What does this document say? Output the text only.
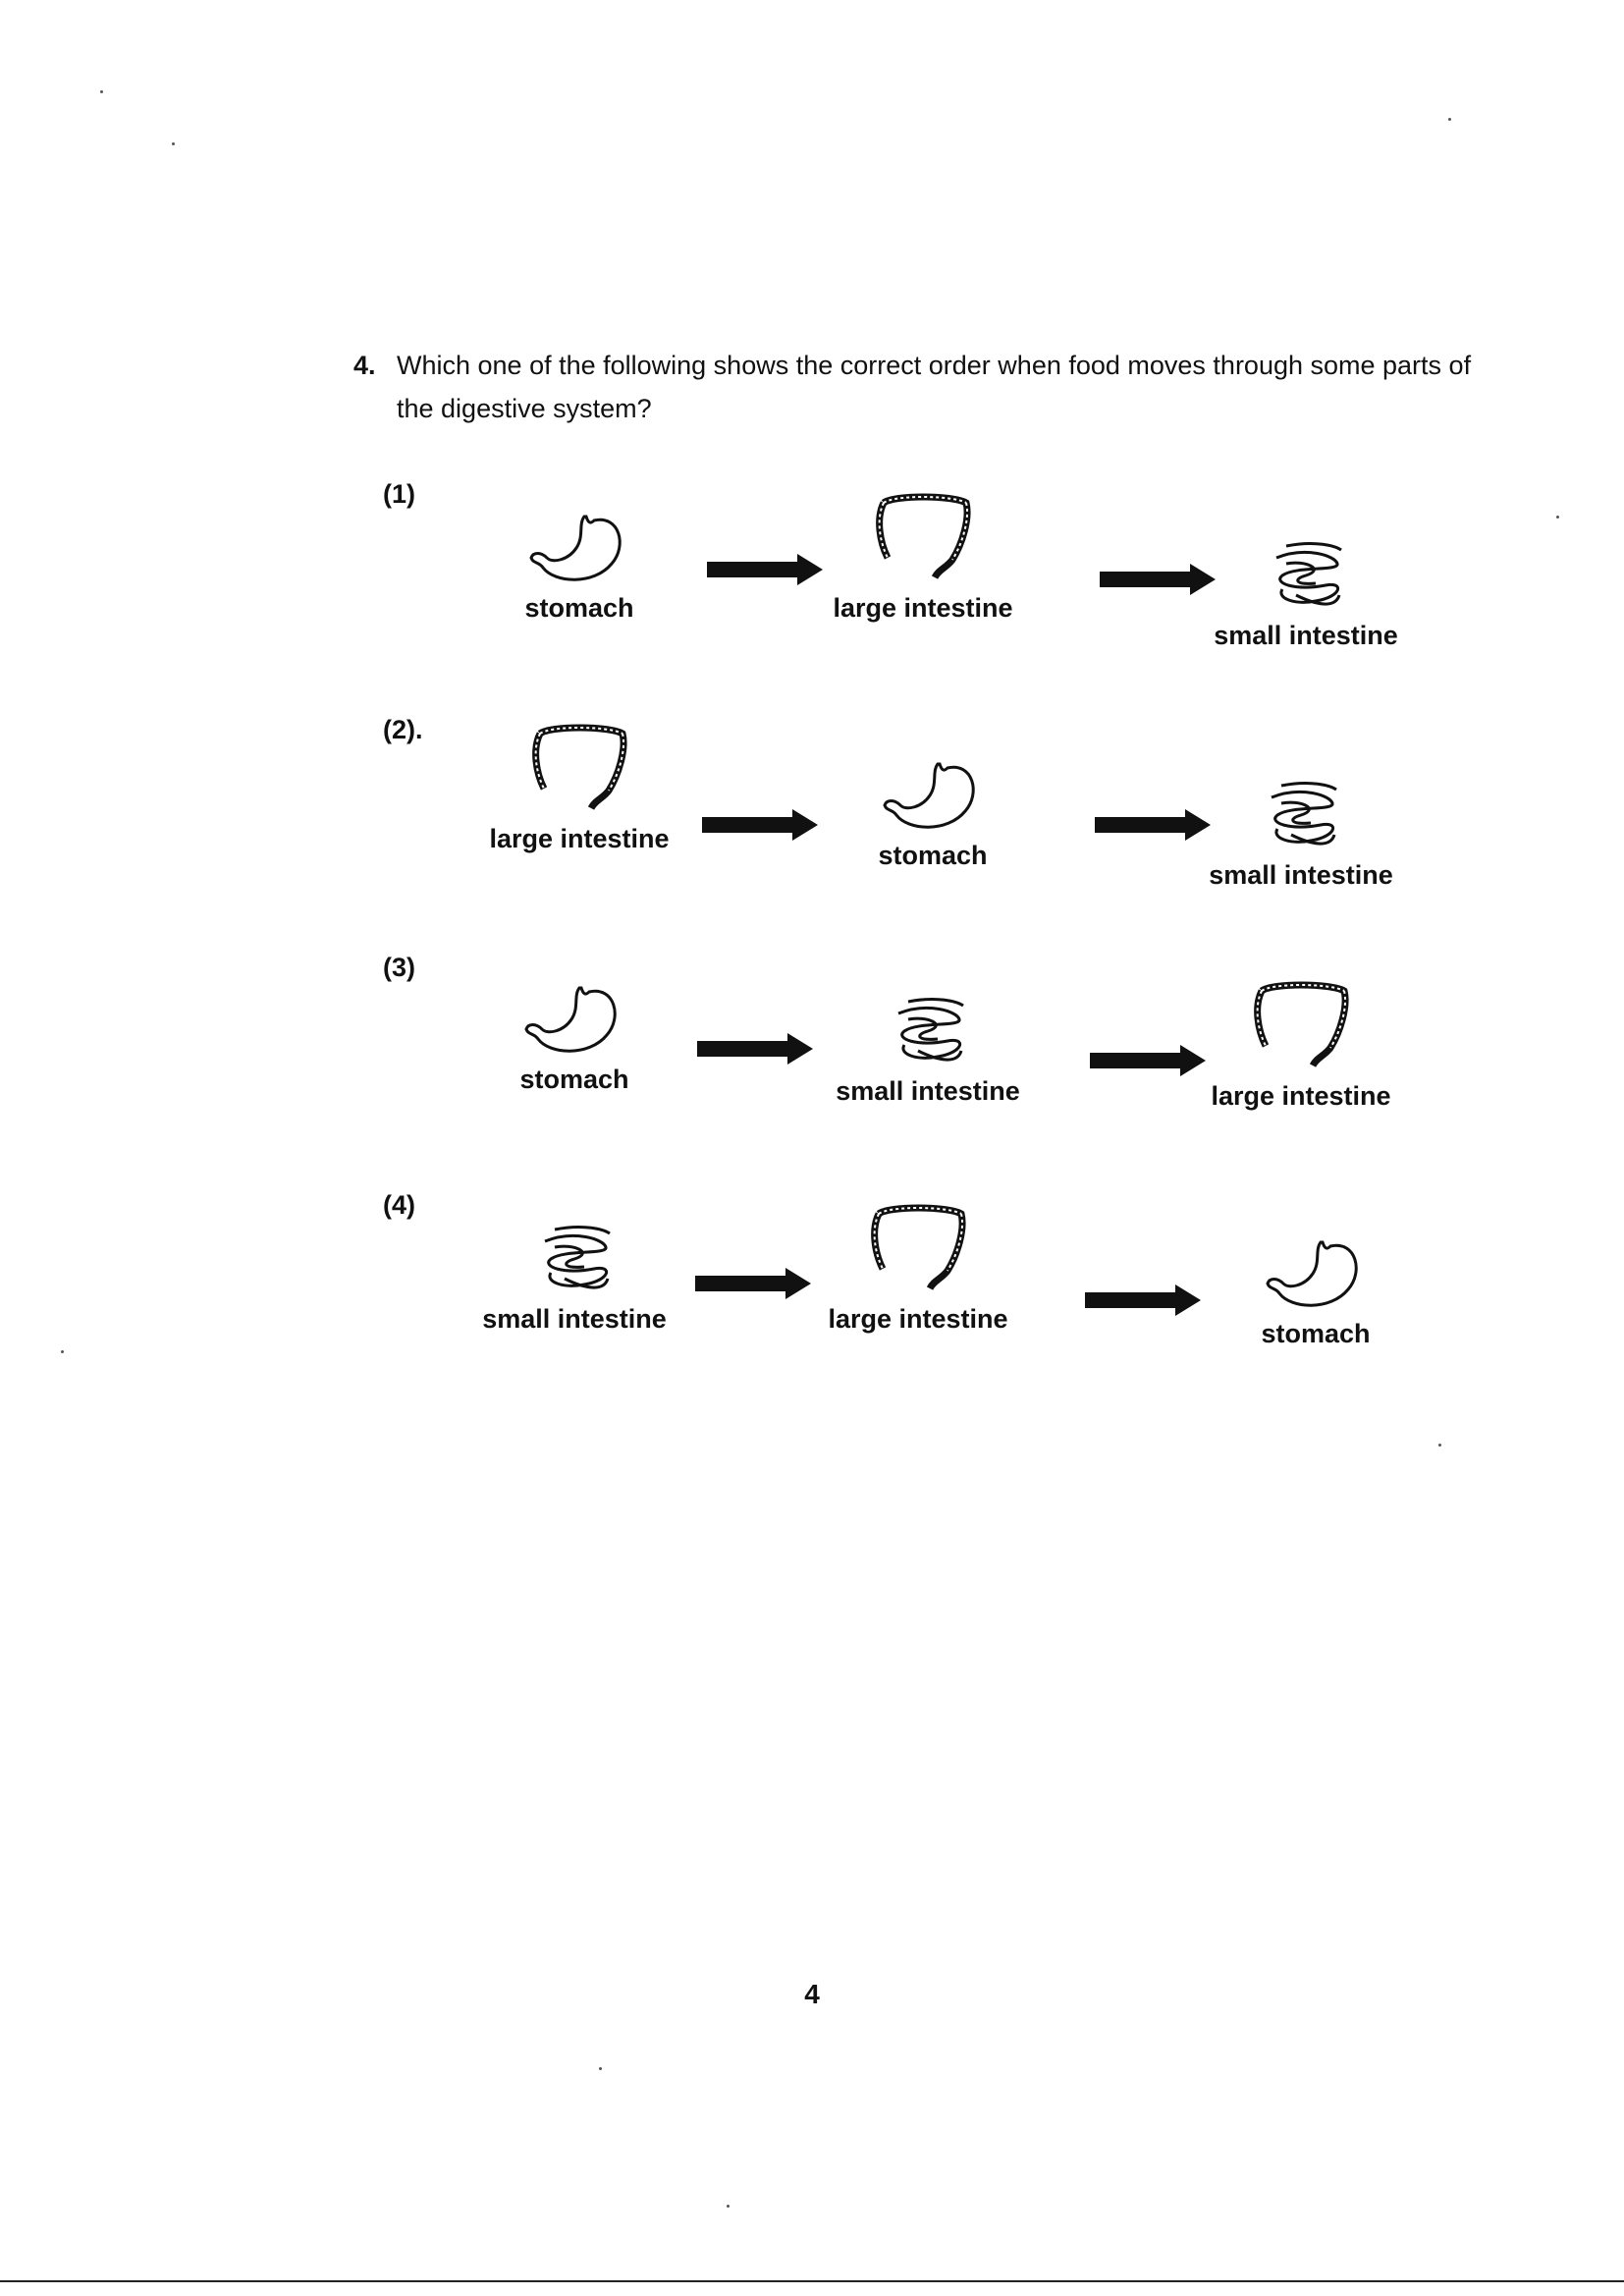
4. Which one of the following shows the correct order when food moves through some parts of the digestive system?
(1)
stomach	large intestine
small intestine
(2).
large intestine
stomach
small intestine
(3)
stomach	small intestine	large intestine
(4)
small intestine	large intestine	stomach
4
